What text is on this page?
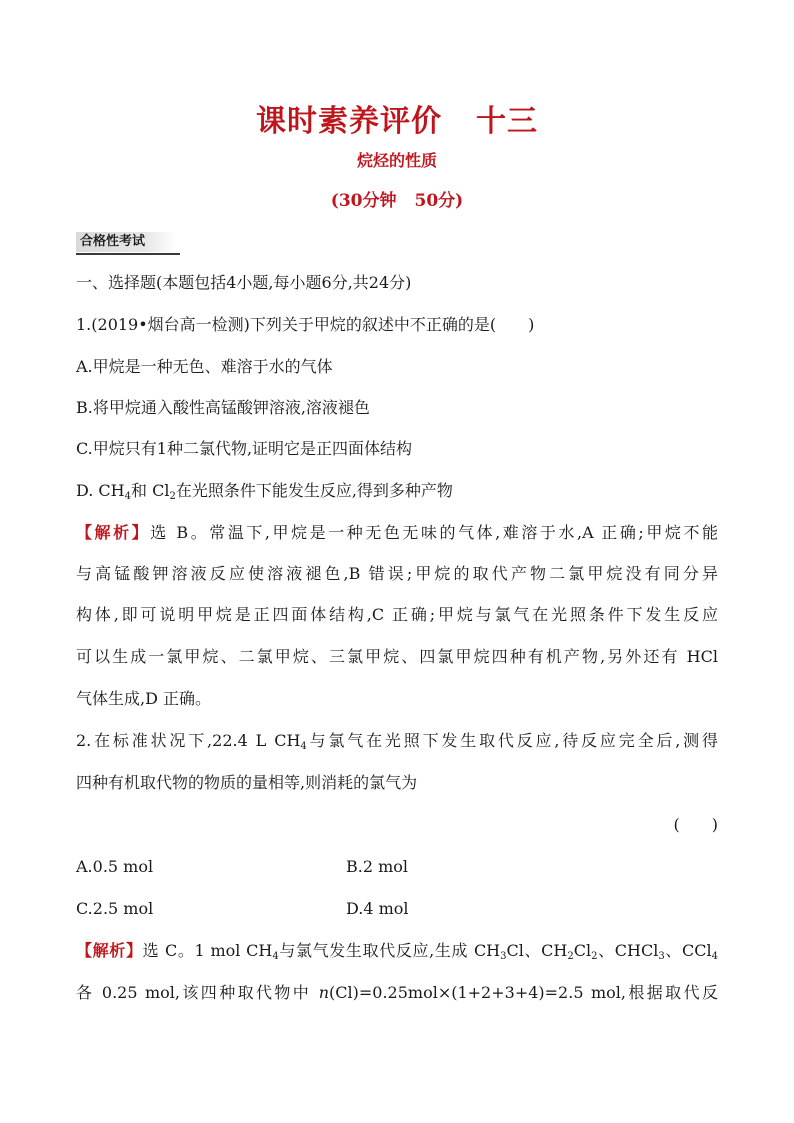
课时素养评价 十三
烷烃的性质
(30分钟 50分)
合格性考试
一、选择题(本题包括4小题,每小题6分,共24分)
1.(2019•烟台高一检测)下列关于甲烷的叙述中不正确的是(　　)
A.甲烷是一种无色、难溶于水的气体
B.将甲烷通入酸性高锰酸钾溶液,溶液褪色
C.甲烷只有1种二氯代物,证明它是正四面体结构
D. $CH_4$和 $Cl_2$在光照条件下能发生反应,得到多种产物
【解析】选 B。常温下,甲烷是一种无色无味的气体,难溶于水,A 正确;甲烷不能
与高锰酸钾溶液反应使溶液褪色,B 错误;甲烷的取代产物二氯甲烷没有同分异
构体,即可说明甲烷是正四面体结构,C 正确;甲烷与氯气在光照条件下发生反应
可以生成一氯甲烷、二氯甲烷、三氯甲烷、四氯甲烷四种有机产物,另外还有 HCl
气体生成,D 正确。
2.在标准状况下,22.4 L $CH_4$与氯气在光照下发生取代反应,待反应完全后,测得
四种有机取代物的物质的量相等,则消耗的氯气为
(　　)
A.0.5 mol	B.2 mol
C.2.5 mol	D.4 mol
【解析】选 C。1 mol $CH_4$与氯气发生取代反应,生成 $CH_3Cl$、$CH_2Cl_2$、CHCl$_3$、CCl$_4$
各 0.25 mol,该四种取代物中 n(Cl)=0.25mol×(1+2+3+4)=2.5 mol,根据取代反
